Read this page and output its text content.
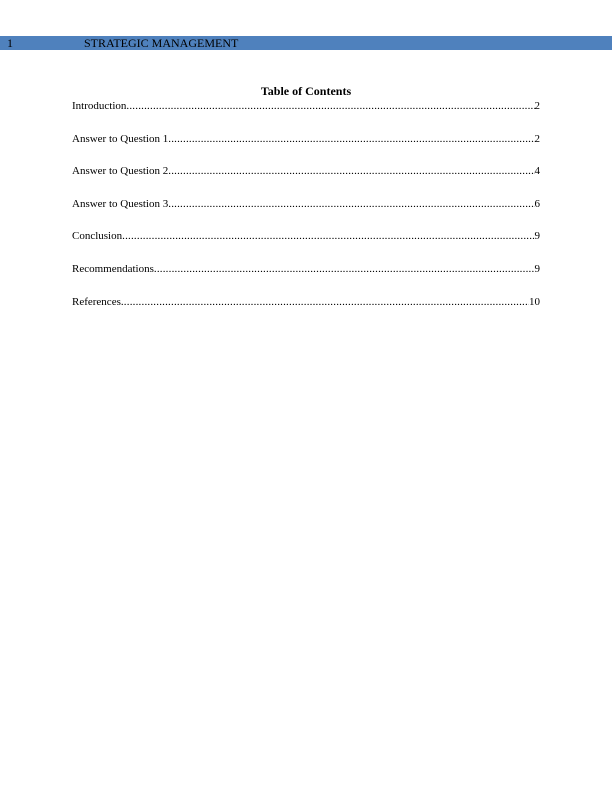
1	STRATEGIC MANAGEMENT
Table of Contents
Introduction .....	2
Answer to Question 1 .....	2
Answer to Question 2 .....	4
Answer to Question 3 .....	6
Conclusion .....	9
Recommendations .....	9
References .....	10
